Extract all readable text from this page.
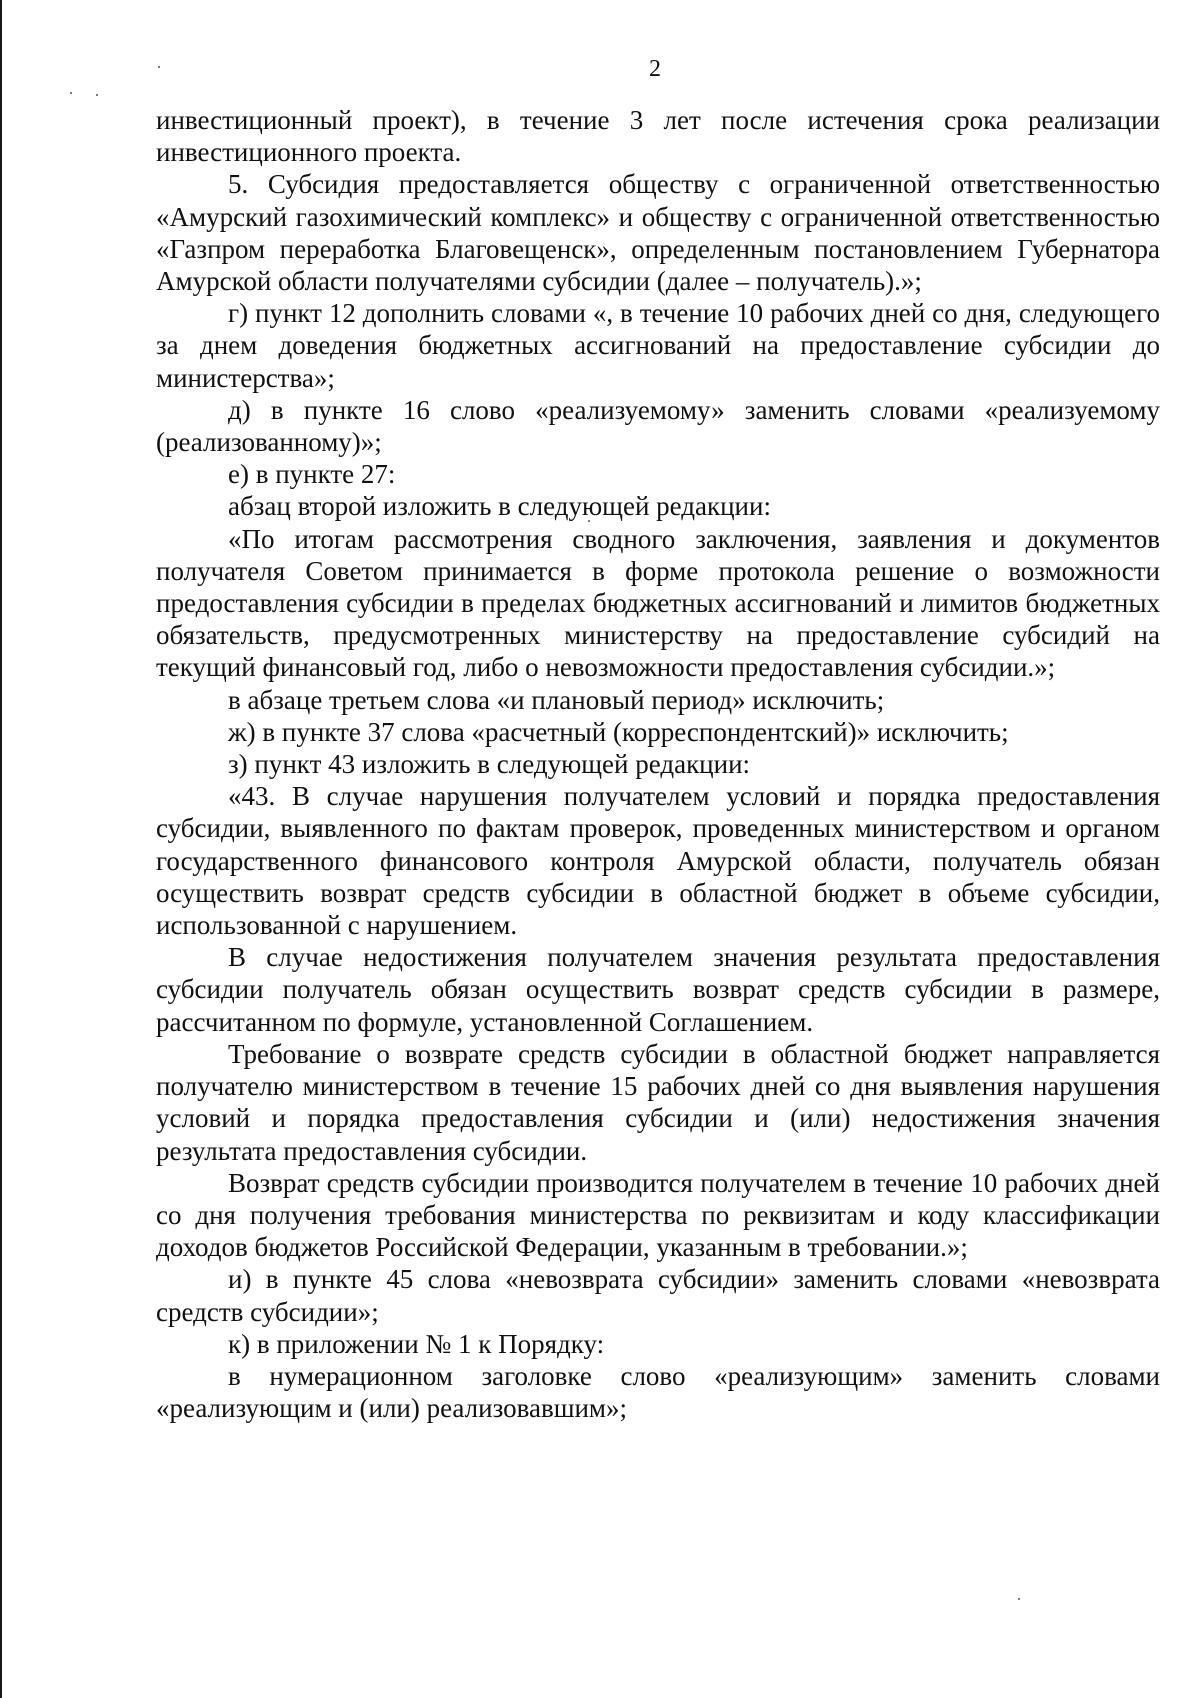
2

инвестиционный проект), в течение 3 лет после истечения срока реализации инвестиционного проекта.

5. Субсидия предоставляется обществу с ограниченной ответственностью «Амурский газохимический комплекс» и обществу с ограниченной ответственностью «Газпром переработка Благовещенск», определенным постановлением Губернатора Амурской области получателями субсидии (далее – получатель).»;

г) пункт 12 дополнить словами «, в течение 10 рабочих дней со дня, следующего за днем доведения бюджетных ассигнований на предоставление субсидии до министерства»;

д) в пункте 16 слово «реализуемому» заменить словами «реализуемому (реализованному)»;

е) в пункте 27:

абзац второй изложить в следующей редакции:

«По итогам рассмотрения сводного заключения, заявления и документов получателя Советом принимается в форме протокола решение о возможности предоставления субсидии в пределах бюджетных ассигнований и лимитов бюджетных обязательств, предусмотренных министерству на предоставление субсидий на текущий финансовый год, либо о невозможности предоставления субсидии.»;

в абзаце третьем слова «и плановый период» исключить;

ж) в пункте 37 слова «расчетный (корреспондентский)» исключить;

з) пункт 43 изложить в следующей редакции:

«43. В случае нарушения получателем условий и порядка предоставления субсидии, выявленного по фактам проверок, проведенных министерством и органом государственного финансового контроля Амурской области, получатель обязан осуществить возврат средств субсидии в областной бюджет в объеме субсидии, использованной с нарушением.

В случае недостижения получателем значения результата предоставления субсидии получатель обязан осуществить возврат средств субсидии в размере, рассчитанном по формуле, установленной Соглашением.

Требование о возврате средств субсидии в областной бюджет направляется получателю министерством в течение 15 рабочих дней со дня выявления нарушения условий и порядка предоставления субсидии и (или) недостижения значения результата предоставления субсидии.

Возврат средств субсидии производится получателем в течение 10 рабочих дней со дня получения требования министерства по реквизитам и коду классификации доходов бюджетов Российской Федерации, указанным в требовании.»;

и) в пункте 45 слова «невозврата субсидии» заменить словами «невозврата средств субсидии»;

к) в приложении № 1 к Порядку:

в нумерационном заголовке слово «реализующим» заменить словами «реализующим и (или) реализовавшим»;
